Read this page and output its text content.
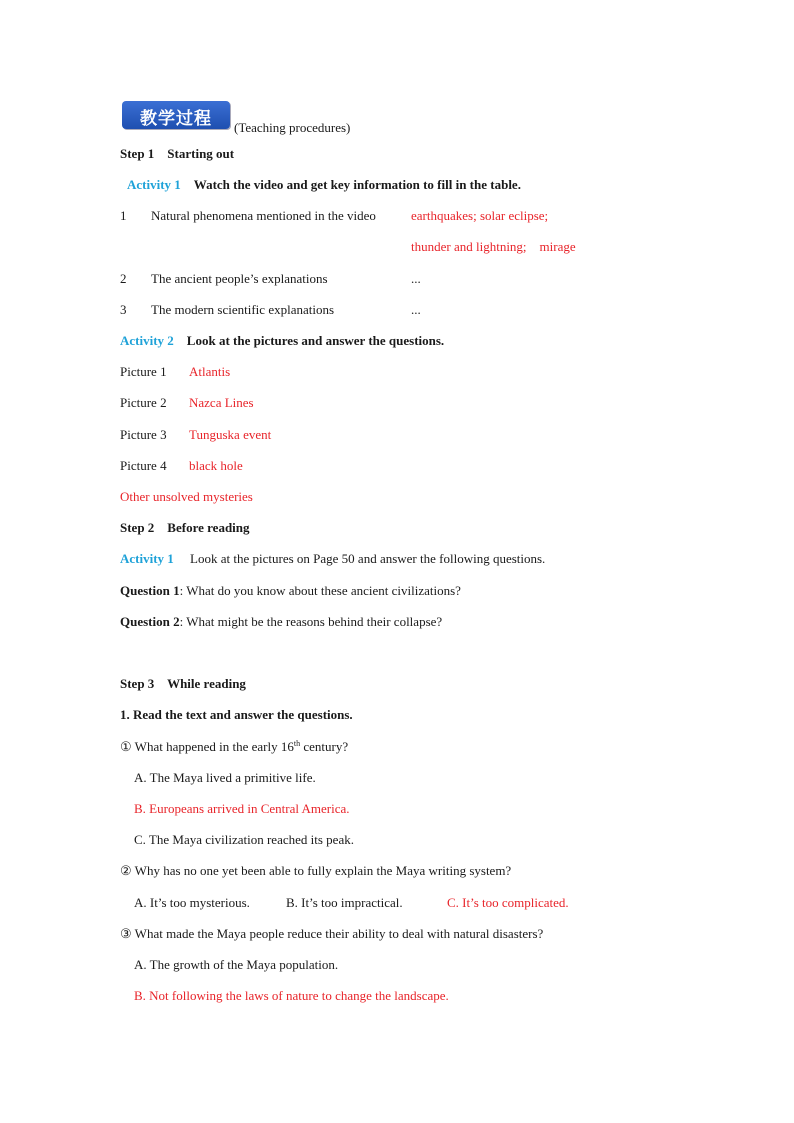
教学过程	(Teaching procedures)
Step 1    Starting out
Activity 1 Watch the video and get key information to fill in the table.
1 Natural phenomena mentioned in the video	earthquakes; solar eclipse;
thunder and lightning;    mirage
2 The ancient people’s explanations	...
3 The modern scientific explanations	...
Activity 2 Look at the pictures and answer the questions.
Picture 1 Atlantis
Picture 2 Nazca Lines
Picture 3 Tunguska event
Picture 4 black hole
Other unsolved mysteries
Step 2    Before reading
Activity 1 Look at the pictures on Page 50 and answer the following questions.
Question 1: What do you know about these ancient civilizations?
Question 2: What might be the reasons behind their collapse?
Step 3    While reading
1. Read the text and answer the questions.
① What happened in the early 16th century?
A. The Maya lived a primitive life.
B. Europeans arrived in Central America.
C. The Maya civilization reached its peak.
② Why has no one yet been able to fully explain the Maya writing system?
A. It’s too mysterious.	B. It’s too impractical.	C. It’s too complicated.
③ What made the Maya people reduce their ability to deal with natural disasters?
A. The growth of the Maya population.
B. Not following the laws of nature to change the landscape.
